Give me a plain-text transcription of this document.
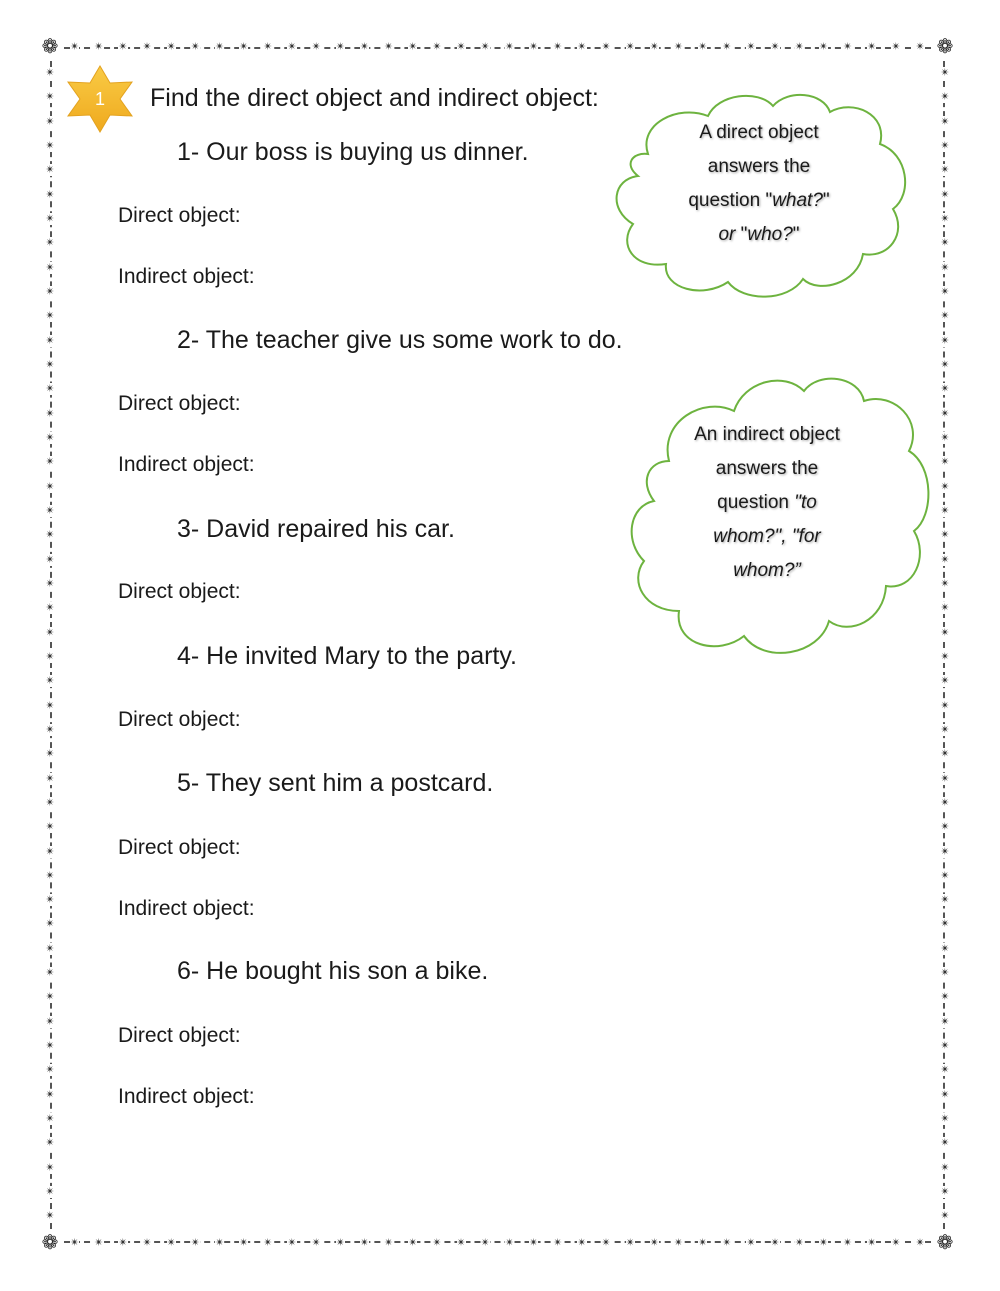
✴ ✴ ✴ ✴ ✴ ✴ ✴ ✴ ✴ ✴ ✴ ✴ ✴ ✴ ✴ ✴ ✴ ✴ ✴ ✴ ✴ ✴ ✴ ✴ ✴ ✴ ✴ ✴ ✴ ✴ ✴ ✴ ✴ ✴ ✴ ✴
✴ ✴ ✴ ✴ ✴ ✴ ✴ ✴ ✴ ✴ ✴ ✴ ✴ ✴ ✴ ✴ ✴ ✴ ✴ ✴ ✴ ✴ ✴ ✴ ✴ ✴ ✴ ✴ ✴ ✴ ✴ ✴ ✴ ✴ ✴ ✴
✴
✴
✴
✴
✴
✴
✴
✴
✴
✴
✴
✴
✴
✴
✴
✴
✴
✴
✴
✴
✴
✴
✴
✴
✴
✴
✴
✴
✴
✴
✴
✴
✴
✴
✴
✴
✴
✴
✴
✴
✴
✴
✴
✴
✴
✴
✴
✴
✴
✴
✴
✴
✴
✴
✴
✴
✴
✴
✴
✴
✴
✴
✴
✴
✴
✴
✴
✴
✴
✴
✴
✴
✴
✴
✴
✴
✴
✴
✴
✴
✴
✴
✴
✴
✴
✴
✴
✴
✴
✴
✴
✴
✴
✴
✴
✴
❁	❁
❁	❁
1	Find the direct object and indirect object:
1- Our boss is buying us dinner.
Direct object:
Indirect object:
2- The teacher give us some work to do.
Direct object:
Indirect object:
3- David repaired his car.
Direct object:
4- He invited Mary to the party.
Direct object:
5- They sent him a postcard.
Direct object:
Indirect object:
6- He bought his son a bike.
Direct object:
Indirect object:
A direct object
answers the
question "what?"
or "who?"
An indirect object
answers the
question "to
whom?", "for
whom?”
